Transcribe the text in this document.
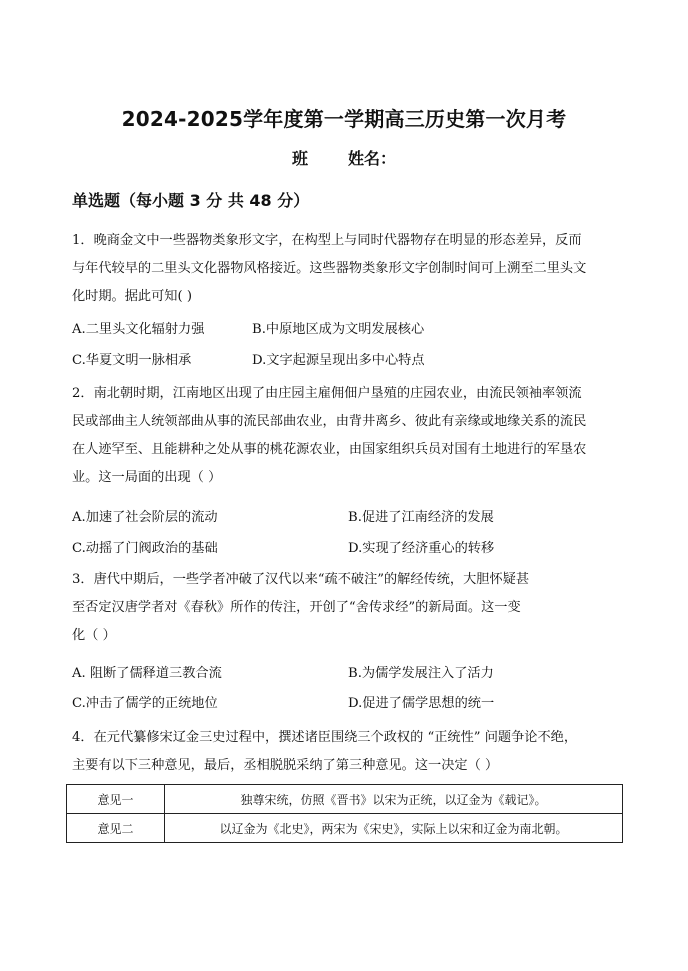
2024-2025学年度第一学期高三历史第一次月考
班	姓名：
单选题（每小题 3 分 共 48 分）
1．晚商金文中一些器物类象形文字，在构型上与同时代器物存在明显的形态差异，反而
与年代较早的二里头文化器物风格接近。这些器物类象形文字创制时间可上溯至二里头文
化时期。据此可知( )
A.二里头文化辐射力强	B.中原地区成为文明发展核心
C.华夏文明一脉相承	D.文字起源呈现出多中心特点
2．南北朝时期，江南地区出现了由庄园主雇佣佃户垦殖的庄园农业，由流民领袖率领流
民或部曲主人统领部曲从事的流民部曲农业，由背井离乡、彼此有亲缘或地缘关系的流民
在人迹罕至、且能耕种之处从事的桃花源农业，由国家组织兵员对国有土地进行的军垦农
业。这一局面的出现（ ）
A.加速了社会阶层的流动	B.促进了江南经济的发展
C.动摇了门阀政治的基础	D.实现了经济重心的转移
3．唐代中期后，一些学者冲破了汉代以来“疏不破注”的解经传统，大胆怀疑甚
至否定汉唐学者对《春秋》所作的传注，开创了“舍传求经”的新局面。这一变
化（ ）
A. 阻断了儒释道三教合流	B.为儒学发展注入了活力
C.冲击了儒学的正统地位	D.促进了儒学思想的统一
4．在元代纂修宋辽金三史过程中，撰述诸臣围绕三个政权的 “正统性” 问题争论不绝，
主要有以下三种意见，最后，丞相脱脱采纳了第三种意见。这一决定（ ）
意见一	独尊宋统，仿照《晋书》以宋为正统，以辽金为《载记》。
意见二	以辽金为《北史》，两宋为《宋史》，实际上以宋和辽金为南北朝。
